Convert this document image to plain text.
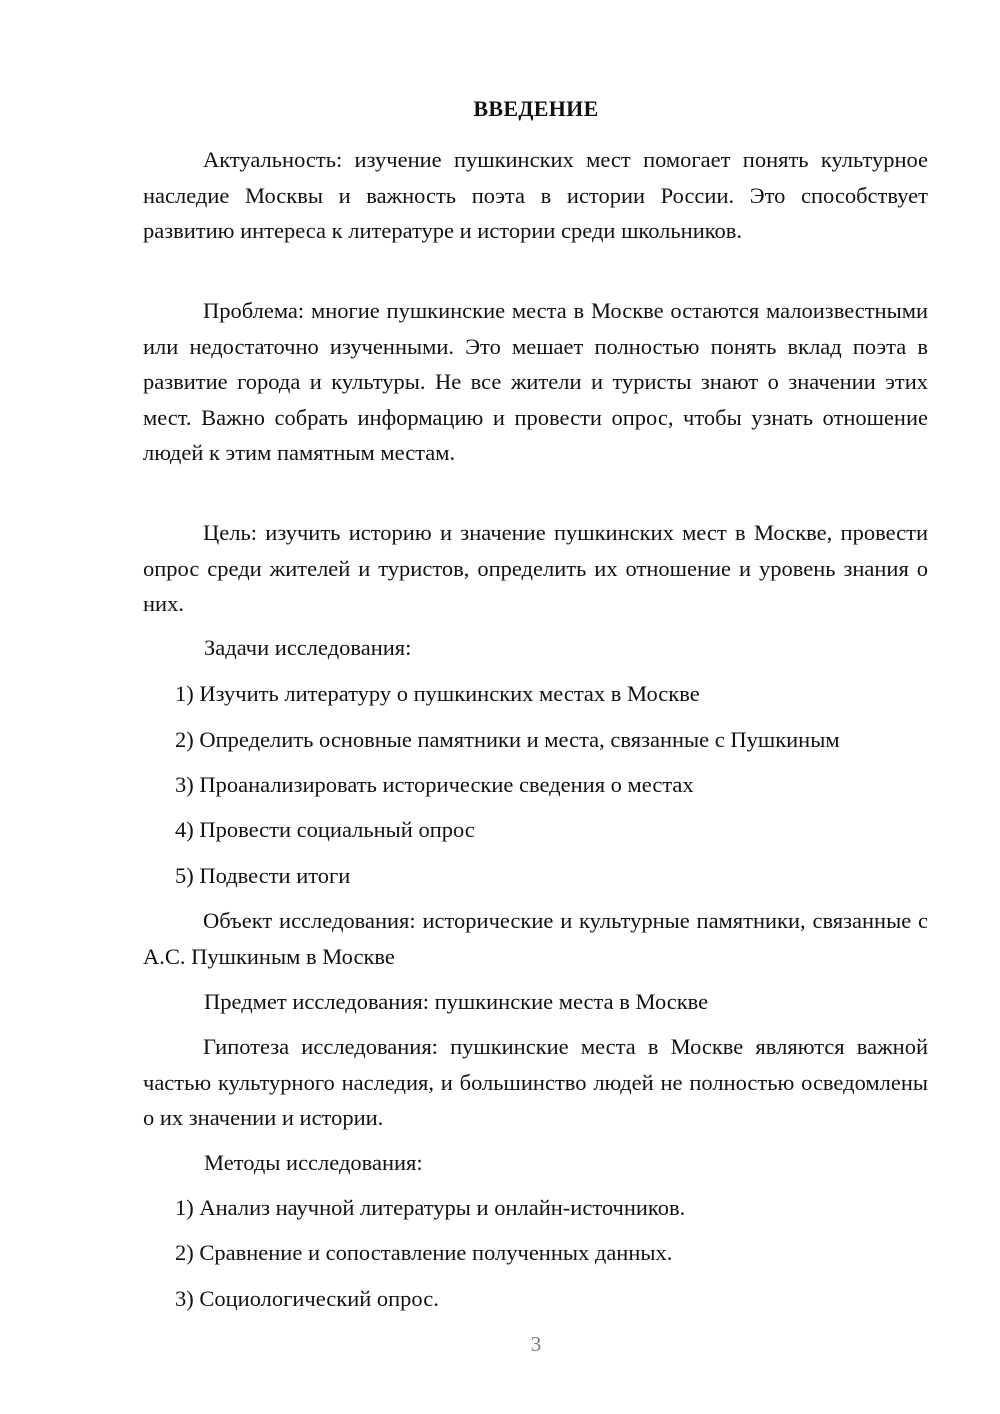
ВВЕДЕНИЕ

Актуальность: изучение пушкинских мест помогает понять культурное наследие Москвы и важность поэта в истории России. Это способствует развитию интереса к литературе и истории среди школьников.

Проблема: многие пушкинские места в Москве остаются малоизвестными или недостаточно изученными. Это мешает полностью понять вклад поэта в развитие города и культуры. Не все жители и туристы знают о значении этих мест. Важно собрать информацию и провести опрос, чтобы узнать отношение людей к этим памятным местам.

Цель: изучить историю и значение пушкинских мест в Москве, провести опрос среди жителей и туристов, определить их отношение и уровень знания о них.

Задачи исследования:

1) Изучить литературу о пушкинских местах в Москве

2) Определить основные памятники и места, связанные с Пушкиным

3) Проанализировать исторические сведения о местах

4) Провести социальный опрос

5) Подвести итоги

Объект исследования: исторические и культурные памятники, связанные с А.С. Пушкиным в Москве

Предмет исследования: пушкинские места в Москве

Гипотеза исследования: пушкинские места в Москве являются важной частью культурного наследия, и большинство людей не полностью осведомлены о их значении и истории.

Методы исследования:

1) Анализ научной литературы и онлайн-источников.

2) Сравнение и сопоставление полученных данных.

3) Социологический опрос.

3
